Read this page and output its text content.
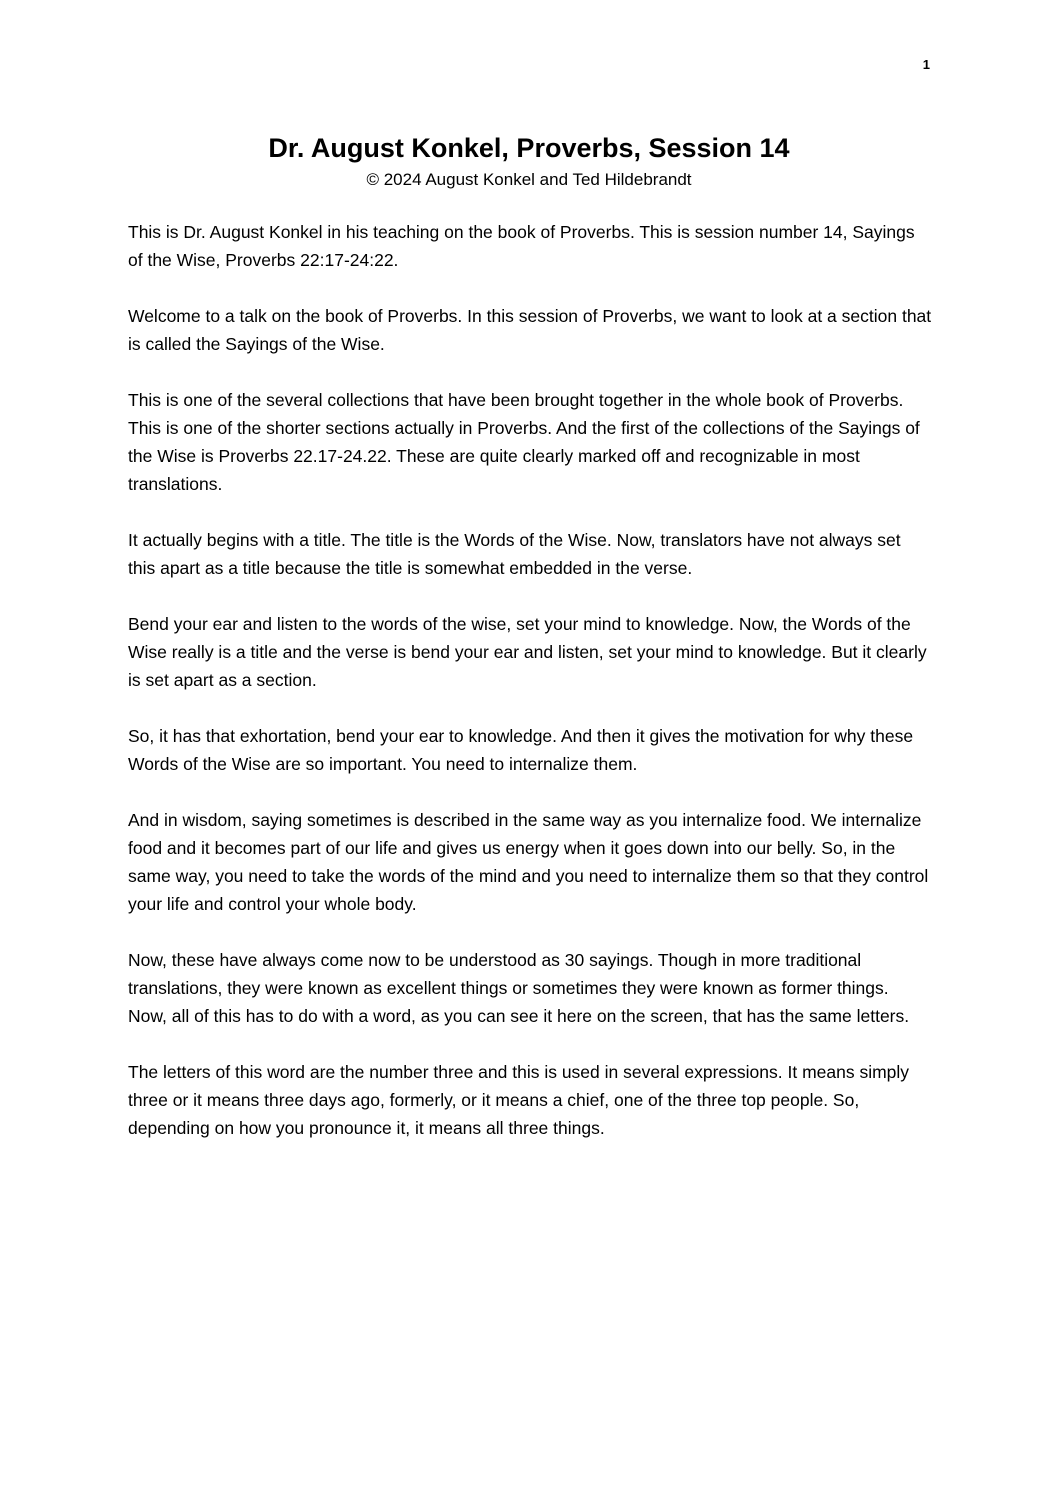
1
Dr. August Konkel, Proverbs, Session 14
© 2024 August Konkel and Ted Hildebrandt

This is Dr. August Konkel in his teaching on the book of Proverbs. This is session number 14, Sayings of the Wise, Proverbs 22:17-24:22.

Welcome to a talk on the book of Proverbs. In this session of Proverbs, we want to look at a section that is called the Sayings of the Wise.

This is one of the several collections that have been brought together in the whole book of Proverbs. This is one of the shorter sections actually in Proverbs. And the first of the collections of the Sayings of the Wise is Proverbs 22.17-24.22. These are quite clearly marked off and recognizable in most translations.

It actually begins with a title. The title is the Words of the Wise. Now, translators have not always set this apart as a title because the title is somewhat embedded in the verse.

Bend your ear and listen to the words of the wise, set your mind to knowledge. Now, the Words of the Wise really is a title and the verse is bend your ear and listen, set your mind to knowledge. But it clearly is set apart as a section.

So, it has that exhortation, bend your ear to knowledge. And then it gives the motivation for why these Words of the Wise are so important. You need to internalize them.

And in wisdom, saying sometimes is described in the same way as you internalize food. We internalize food and it becomes part of our life and gives us energy when it goes down into our belly. So, in the same way, you need to take the words of the mind and you need to internalize them so that they control your life and control your whole body.

Now, these have always come now to be understood as 30 sayings. Though in more traditional translations, they were known as excellent things or sometimes they were known as former things. Now, all of this has to do with a word, as you can see it here on the screen, that has the same letters.

The letters of this word are the number three and this is used in several expressions. It means simply three or it means three days ago, formerly, or it means a chief, one of the three top people. So, depending on how you pronounce it, it means all three things.
